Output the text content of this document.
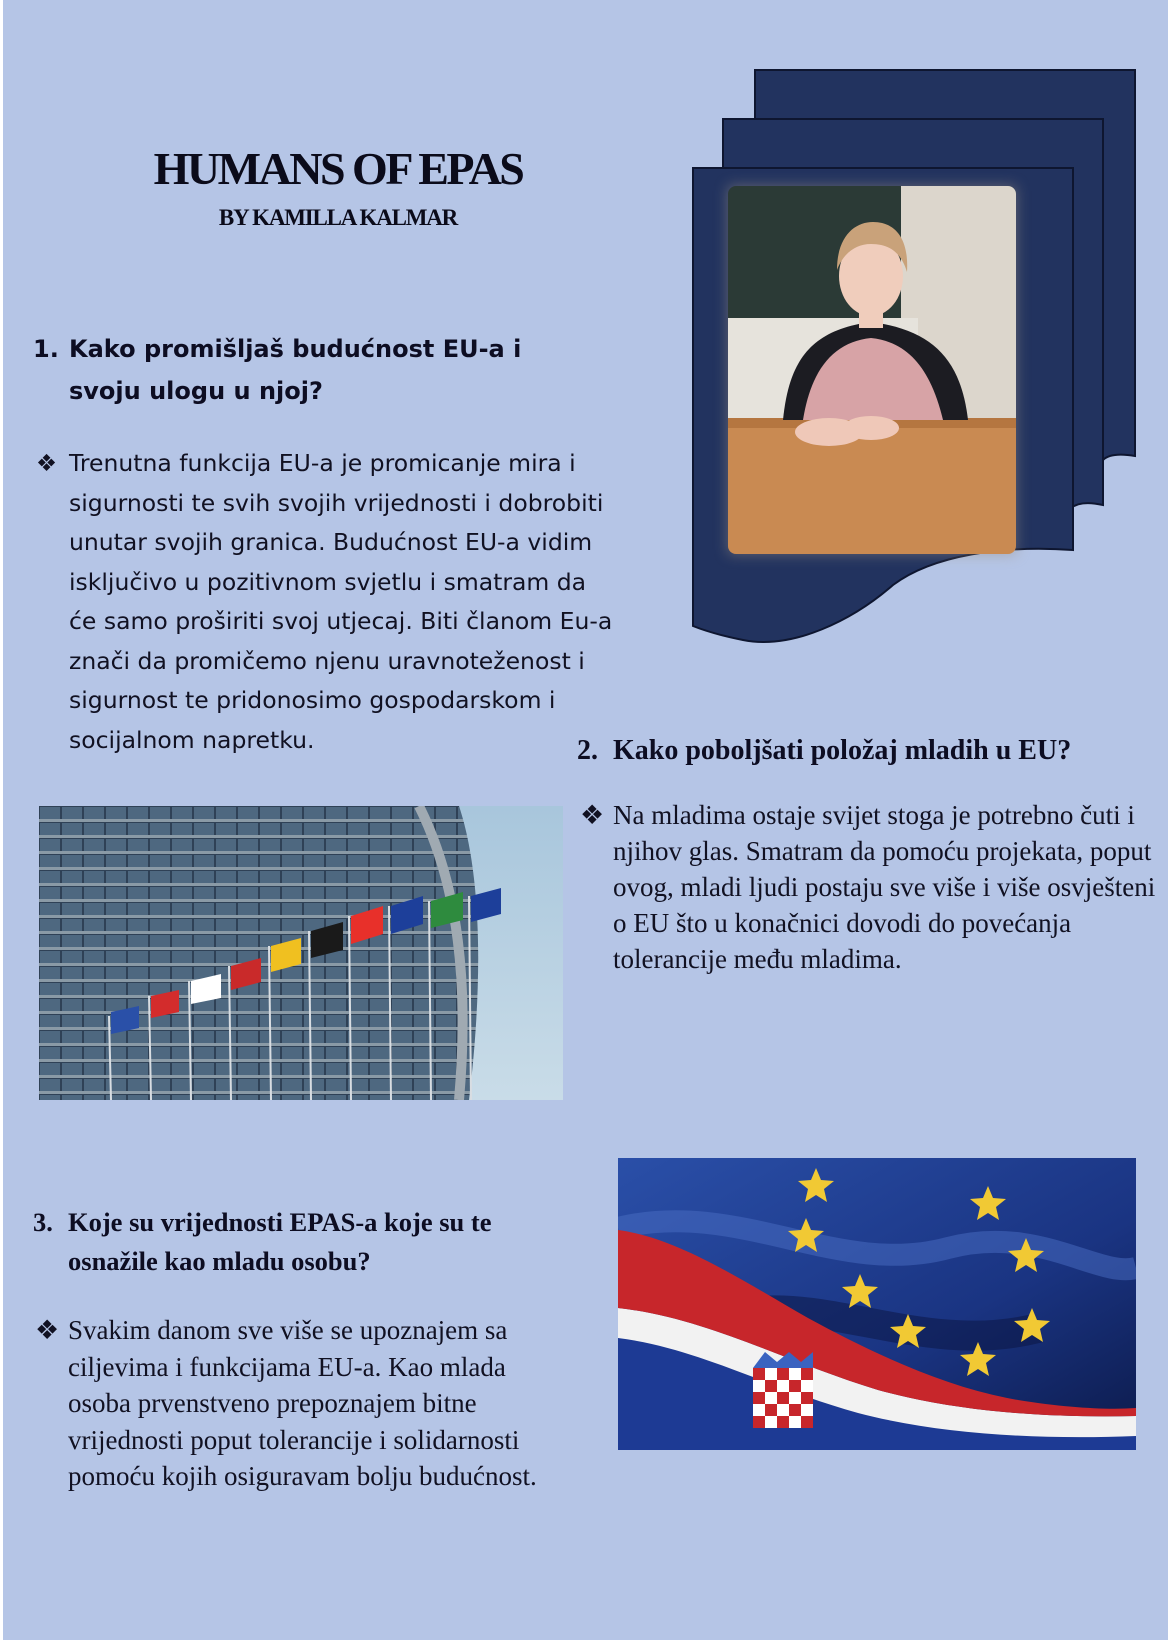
HUMANS OF EPAS
BY KAMILLA KALMAR
1. Kako promišljaš budućnost EU-a i svoju ulogu u njoj?
❖ Trenutna funkcija EU-a je promicanje mira i sigurnosti te svih svojih vrijednosti i dobrobiti unutar svojih granica. Budućnost EU-a vidim isključivo u pozitivnom svjetlu i smatram da će samo proširiti svoj utjecaj. Biti članom Eu-a znači da promičemo njenu uravnoteženost i sigurnost te pridonosimo gospodarskom i socijalnom napretku.	2. Kako poboljšati položaj mladih u EU?
❖ Na mladima ostaje svijet stoga je potrebno čuti i njihov glas. Smatram da pomoću projekata, poput ovog, mladi ljudi postaju sve više i više osvješteni o EU što u konačnici dovodi do povećanja tolerancije među mladima.
3. Koje su vrijednosti EPAS-a koje su te osnažile kao mladu osobu?
❖ Svakim danom sve više se upoznajem sa ciljevima i funkcijama EU-a. Kao mlada osoba prvenstveno prepoznajem bitne vrijednosti poput tolerancije i solidarnosti pomoću kojih osiguravam bolju budućnost.
